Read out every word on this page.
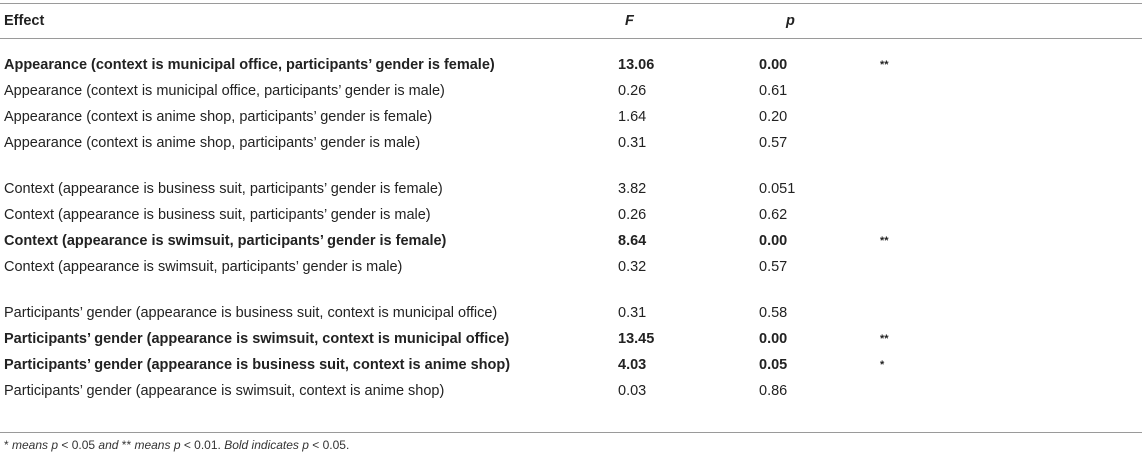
Effect	F	p	
Appearance (context is municipal office, participants’ gender is female)	13.06	0.00	**
Appearance (context is municipal office, participants’ gender is male)	0.26	0.61	
Appearance (context is anime shop, participants’ gender is female)	1.64	0.20	
Appearance (context is anime shop, participants’ gender is male)	0.31	0.57	

Context (appearance is business suit, participants’ gender is female)	3.82	0.051	
Context (appearance is business suit, participants’ gender is male)	0.26	0.62	
Context (appearance is swimsuit, participants’ gender is female)	8.64	0.00	**
Context (appearance is swimsuit, participants’ gender is male)	0.32	0.57	

Participants’ gender (appearance is business suit, context is municipal office)	0.31	0.58	
Participants’ gender (appearance is swimsuit, context is municipal office)	13.45	0.00	**
Participants’ gender (appearance is business suit, context is anime shop)	4.03	0.05	*
Participants’ gender (appearance is swimsuit, context is anime shop)	0.03	0.86	
* means p < 0.05 and ** means p < 0.01. Bold indicates p < 0.05.
